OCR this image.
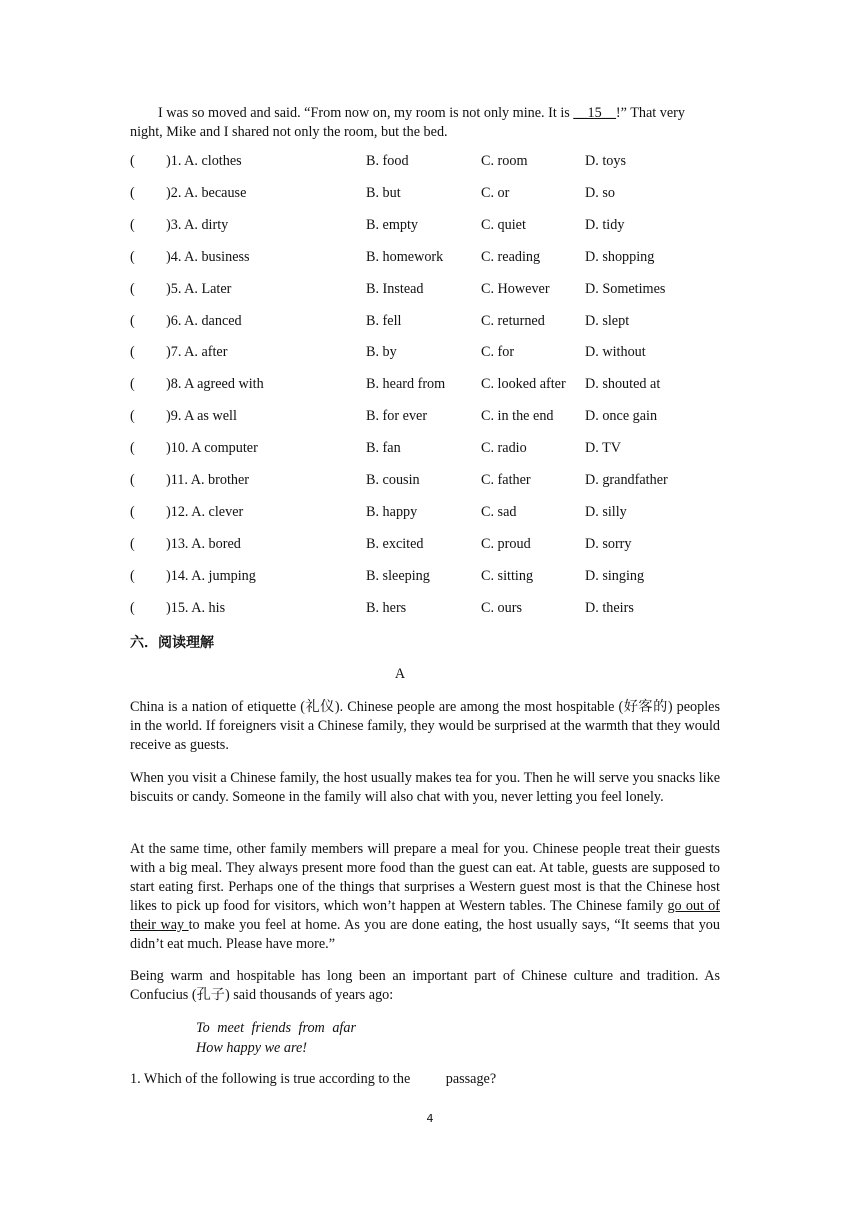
I was so moved and said. “From now on, my room is not only mine. It is __15__!” That very
night, Mike and I shared not only the room, but the bed.
( )1. A. clothes	B. food	C. room	D. toys
( )2. A. because	B. but	C. or	D. so
( )3. A. dirty	B. empty	C. quiet	D. tidy
( )4. A. business	B. homework	C. reading	D. shopping
( )5. A. Later	B. Instead	C. However D. Sometimes
( )6. A. danced	B. fell	C. returned	D. slept
( )7. A. after	B. by	C. for	D. without
( )8. A agreed with	B. heard from	C. looked after D. shouted at
( )9. A as well	B. for ever	C. in the end D. once gain
( )10. A computer	B. fan	C. radio	D. TV
( )11. A. brother	B. cousin	C. father	D. grandfather
( )12. A. clever	B. happy	C. sad	D. silly
( )13. A. bored	B. excited	C. proud	D. sorry
( )14. A. jumping	B. sleeping	C. sitting	D. singing
( )15. A. his	B. hers	C. ours	D. theirs
六．阅读理解
A
China is a nation of etiquette (礼仪). Chinese people are among the most hospitable (好客的) peoples in the world. If foreigners visit a Chinese family, they would be surprised at the warmth that they would receive as guests.
When you visit a Chinese family, the host usually makes tea for you. Then he will serve you snacks like biscuits or candy. Someone in the family will also chat with you, never letting you feel lonely.
At the same time, other family members will prepare a meal for you. Chinese people treat their guests with a big meal. They always present more food than the guest can eat. At table, guests are supposed to start eating first. Perhaps one of the things that surprises a Western guest most is that the Chinese host likes to pick up food for visitors, which won’t happen at Western tables. The Chinese family go out of their way to make you feel at home. As you are done eating, the host usually says, “It seems that you didn’t eat much. Please have more.”
Being warm and hospitable has long been an important part of Chinese culture and tradition. As Confucius (孔子) said thousands of years ago:
To meet friends from afar How happy we are!
1. Which of the following is true according to the          passage?
4
